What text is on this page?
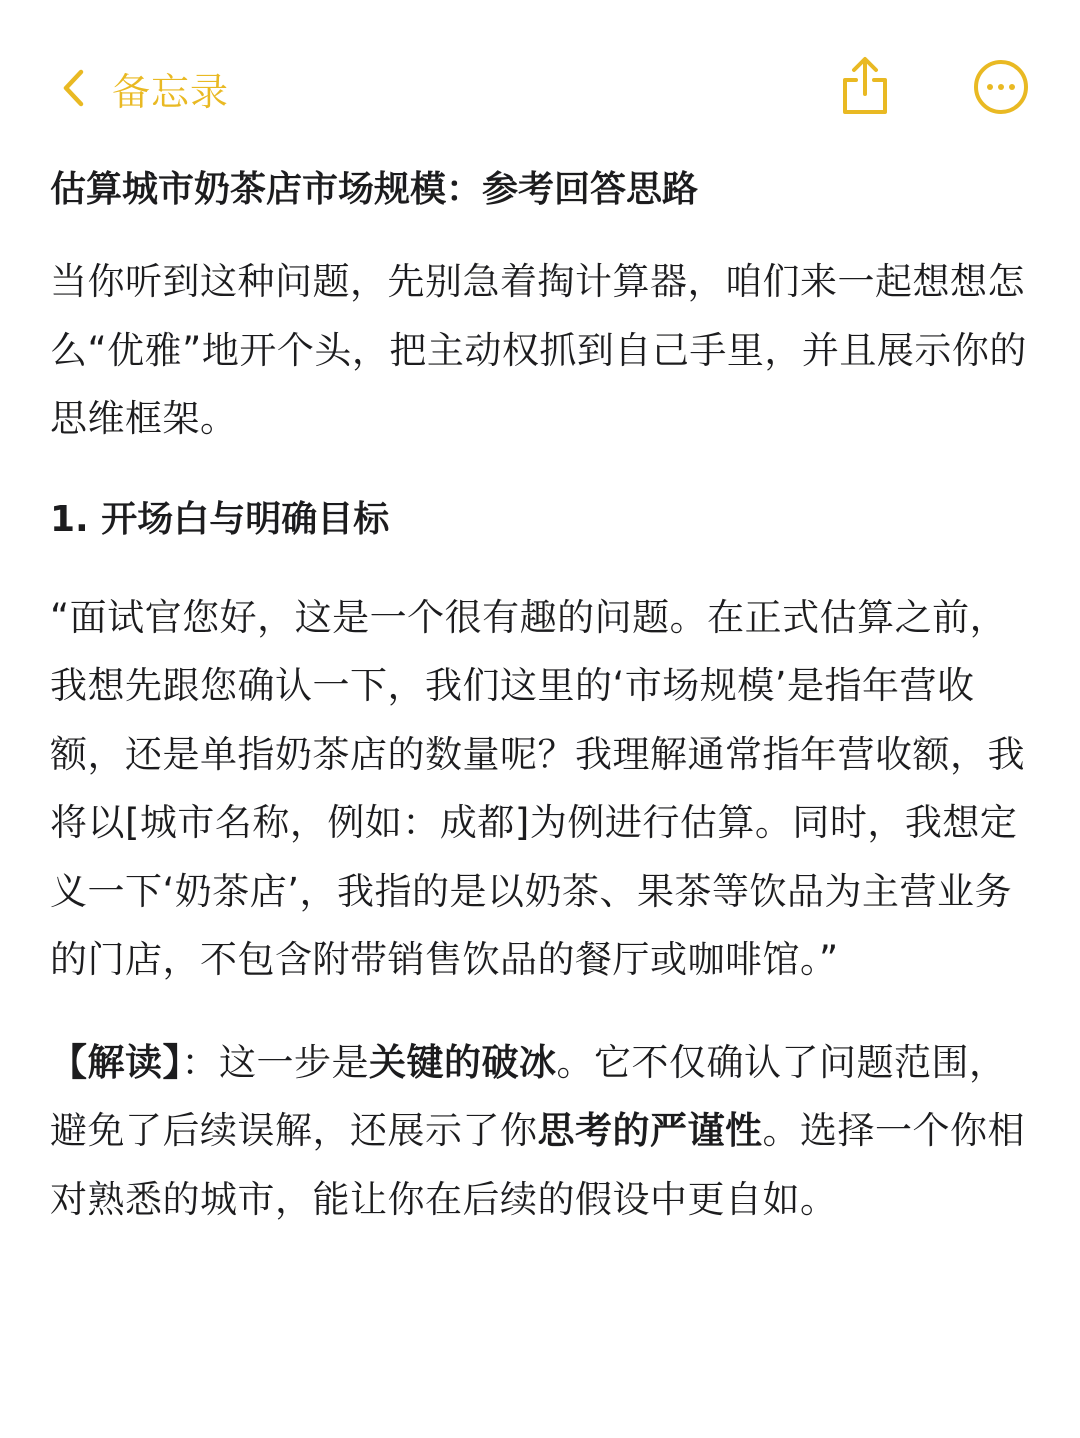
备忘录

估算城市奶茶店市场规模：参考回答思路

当你听到这种问题，先别急着掏计算器，咱们来一起想想怎么“优雅”地开个头，把主动权抓到自己手里，并且展示你的思维框架。

1. 开场白与明确目标

“面试官您好，这是一个很有趣的问题。在正式估算之前，我想先跟您确认一下，我们这里的‘市场规模’是指年营收额，还是单指奶茶店的数量呢？我理解通常指年营收额，我将以[城市名称，例如：成都]为例进行估算。同时，我想定义一下‘奶茶店’，我指的是以奶茶、果茶等饮品为主营业务的门店，不包含附带销售饮品的餐厅或咖啡馆。”

【解读】：这一步是关键的破冰。它不仅确认了问题范围，避免了后续误解，还展示了你思考的严谨性。选择一个你相对熟悉的城市，能让你在后续的假设中更自如。
